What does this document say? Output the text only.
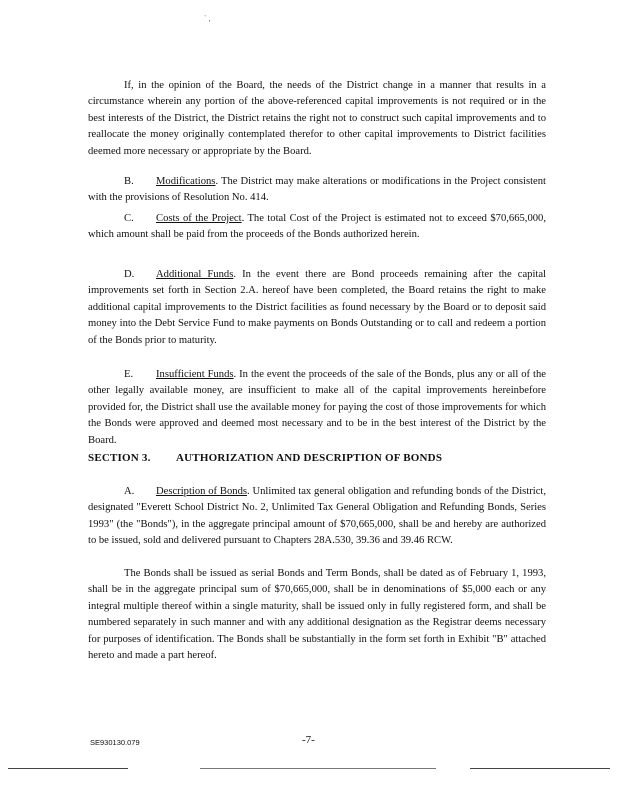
` ,

If, in the opinion of the Board, the needs of the District change in a manner that results in a circumstance wherein any portion of the above-referenced capital improvements is not required or in the best interests of the District, the District retains the right not to construct such capital improvements and to reallocate the money originally contemplated therefor to other capital improvements to District facilities deemed more necessary or appropriate by the Board.

B. Modifications. The District may make alterations or modifications in the Project consistent with the provisions of Resolution No. 414.

C. Costs of the Project. The total Cost of the Project is estimated not to exceed $70,665,000, which amount shall be paid from the proceeds of the Bonds authorized herein.

D. Additional Funds. In the event there are Bond proceeds remaining after the capital improvements set forth in Section 2.A. hereof have been completed, the Board retains the right to make additional capital improvements to the District facilities as found necessary by the Board or to deposit said money into the Debt Service Fund to make payments on Bonds Outstanding or to call and redeem a portion of the Bonds prior to maturity.

E. Insufficient Funds. In the event the proceeds of the sale of the Bonds, plus any or all of the other legally available money, are insufficient to make all of the capital improvements hereinbefore provided for, the District shall use the available money for paying the cost of those improvements for which the Bonds were approved and deemed most necessary and to be in the best interest of the District by the Board.

SECTION 3. AUTHORIZATION AND DESCRIPTION OF BONDS

A. Description of Bonds. Unlimited tax general obligation and refunding bonds of the District, designated "Everett School District No. 2, Unlimited Tax General Obligation and Refunding Bonds, Series 1993" (the "Bonds"), in the aggregate principal amount of $70,665,000, shall be and hereby are authorized to be issued, sold and delivered pursuant to Chapters 28A.530, 39.36 and 39.46 RCW.

The Bonds shall be issued as serial Bonds and Term Bonds, shall be dated as of February 1, 1993, shall be in the aggregate principal sum of $70,665,000, shall be in denominations of $5,000 each or any integral multiple thereof within a single maturity, shall be issued only in fully registered form, and shall be numbered separately in such manner and with any additional designation as the Registrar deems necessary for purposes of identification. The Bonds shall be substantially in the form set forth in Exhibit "B" attached hereto and made a part hereof.

SE930130.079	-7-
